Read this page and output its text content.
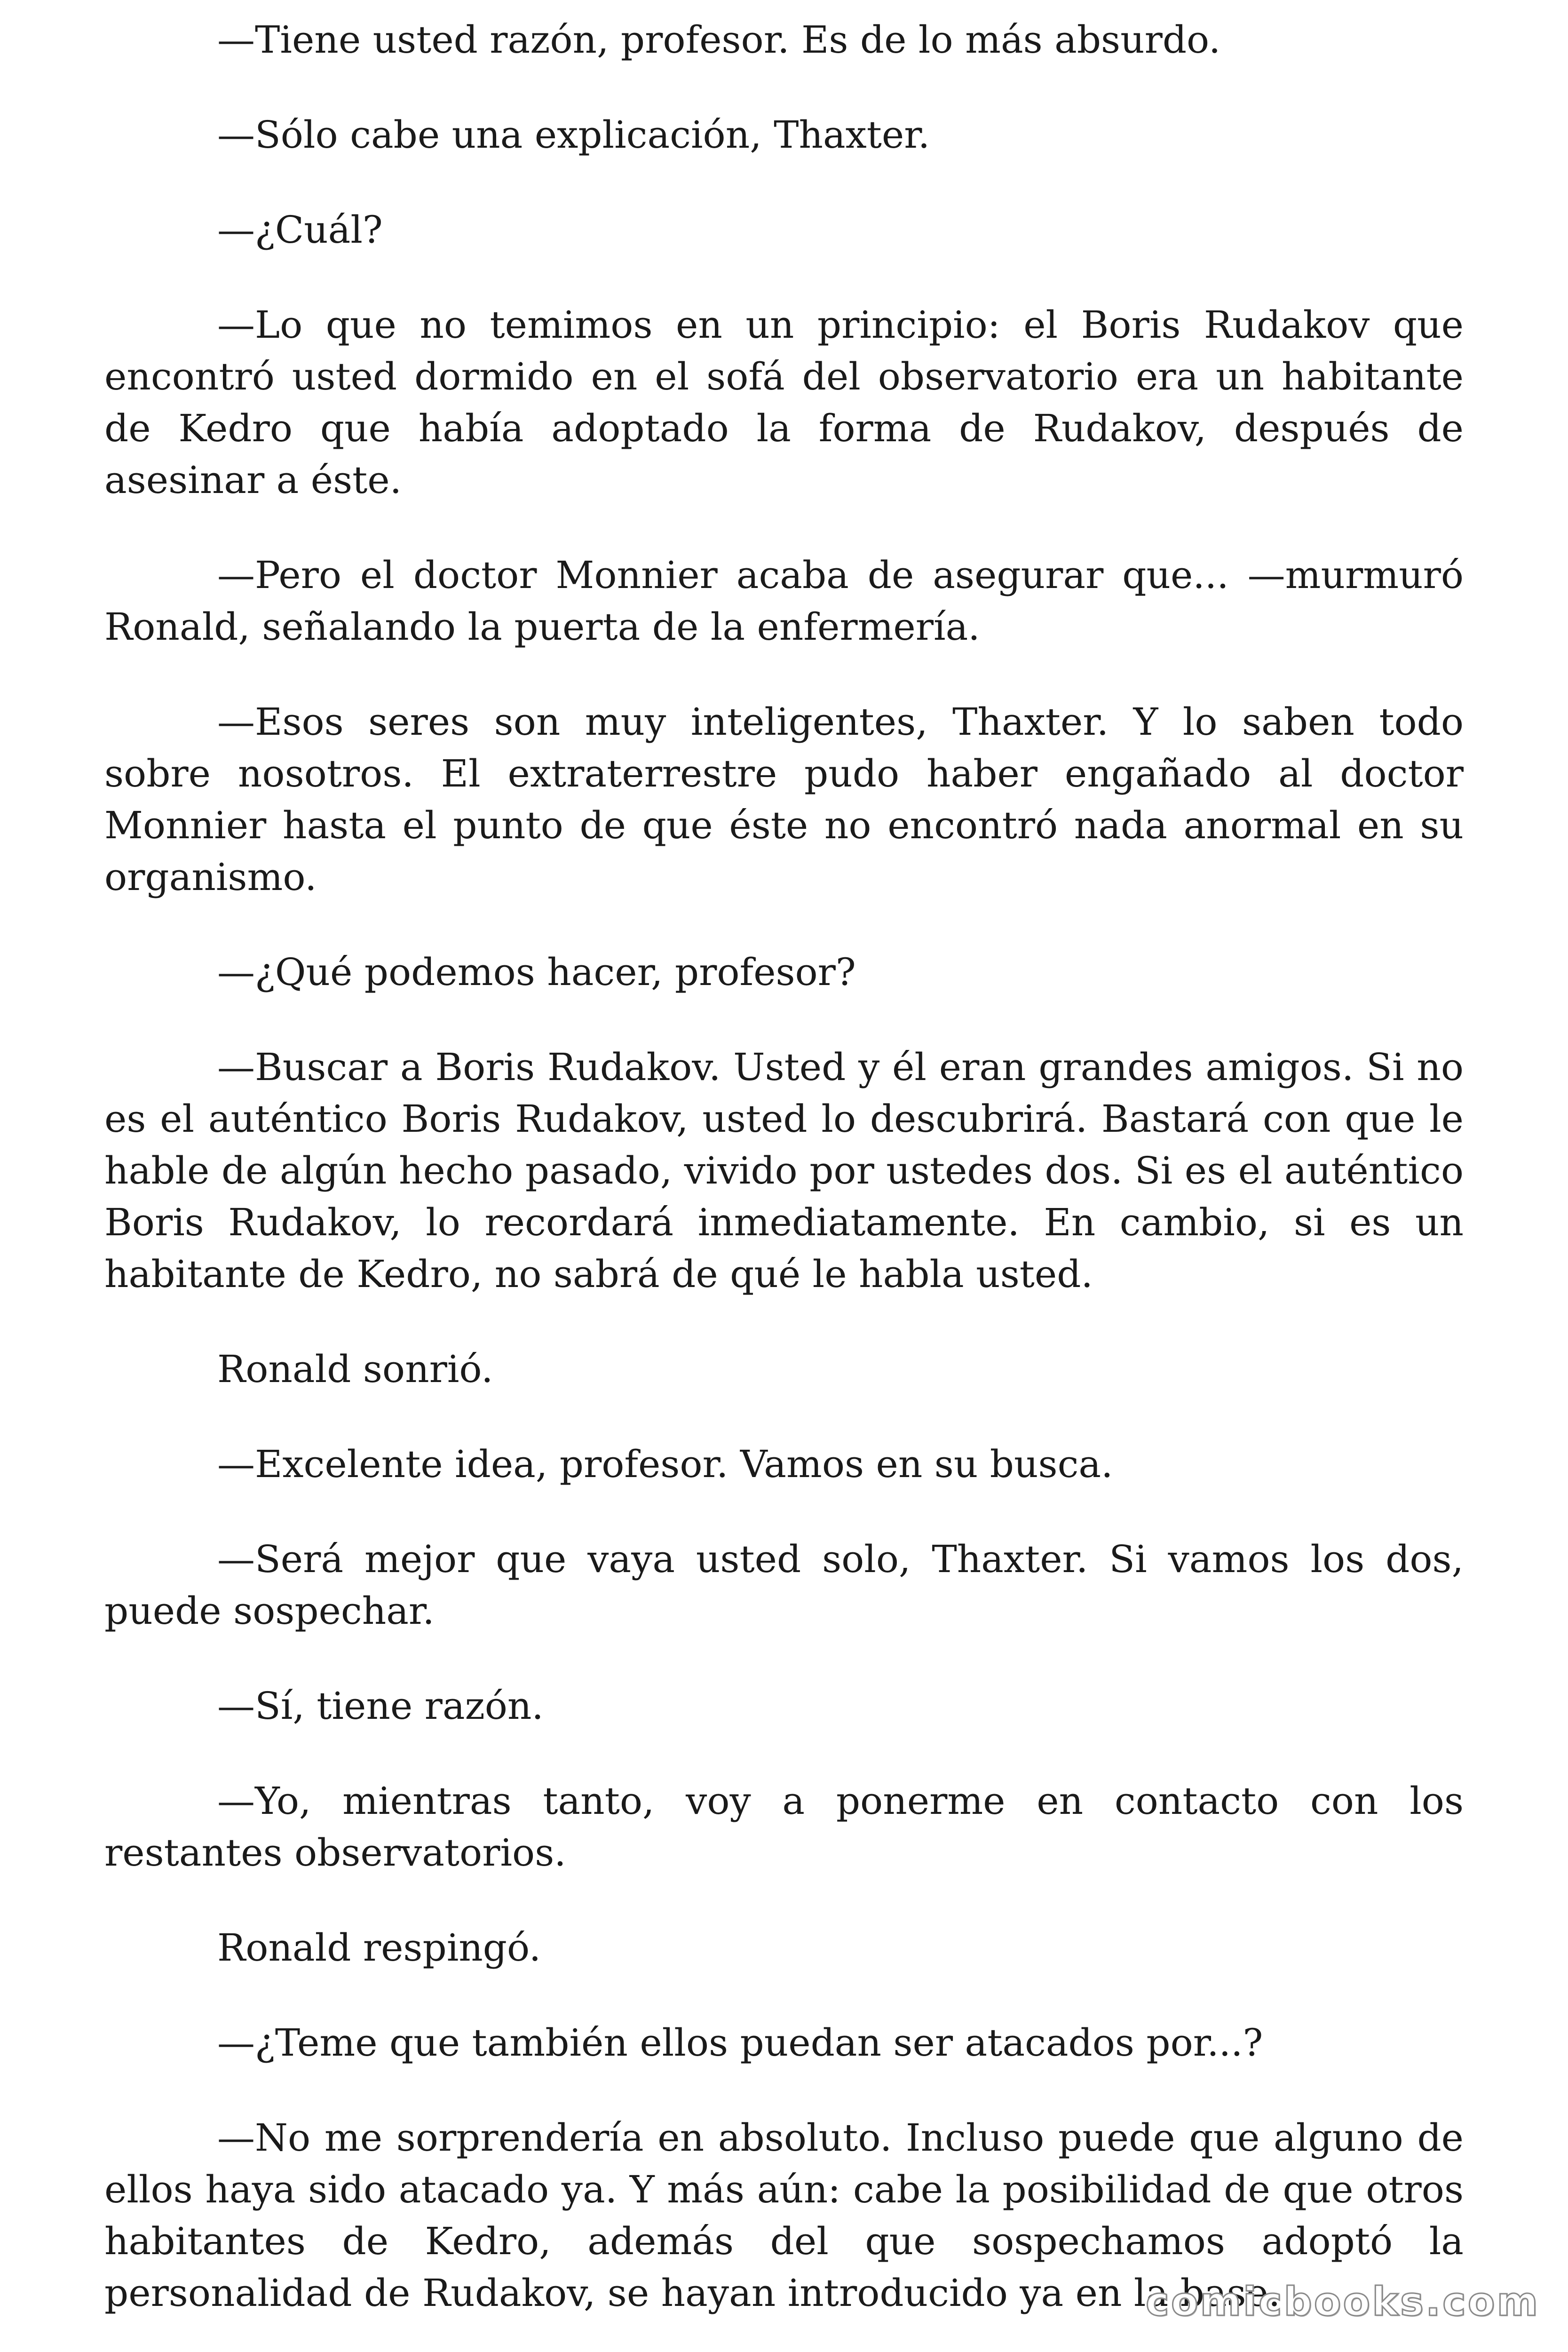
—Tiene usted razón, profesor. Es de lo más absurdo.

—Sólo cabe una explicación, Thaxter.

—¿Cuál?

—Lo que no temimos en un principio: el Boris Rudakov que encontró usted dormido en el sofá del observatorio era un habitante de Kedro que había adoptado la forma de Rudakov, después de asesinar a éste.

—Pero el doctor Monnier acaba de asegurar que... —murmuró Ronald, señalando la puerta de la enfermería.

—Esos seres son muy inteligentes, Thaxter. Y lo saben todo sobre nosotros. El extraterrestre pudo haber engañado al doctor Monnier hasta el punto de que éste no encontró nada anormal en su organismo.

—¿Qué podemos hacer, profesor?

—Buscar a Boris Rudakov. Usted y él eran grandes amigos. Si no es el auténtico Boris Rudakov, usted lo descubrirá. Bastará con que le hable de algún hecho pasado, vivido por ustedes dos. Si es el auténtico Boris Rudakov, lo recordará inmediatamente. En cambio, si es un habitante de Kedro, no sabrá de qué le habla usted.

Ronald sonrió.

—Excelente idea, profesor. Vamos en su busca.

—Será mejor que vaya usted solo, Thaxter. Si vamos los dos, puede sospechar.

—Sí, tiene razón.

—Yo, mientras tanto, voy a ponerme en contacto con los restantes observatorios.

Ronald respingó.

—¿Teme que también ellos puedan ser atacados por...?

—No me sorprendería en absoluto. Incluso puede que alguno de ellos haya sido atacado ya. Y más aún: cabe la posibilidad de que otros habitantes de Kedro, además del que sospechamos adoptó la personalidad de Rudakov, se hayan introducido ya en la base.

comicbooks.com
